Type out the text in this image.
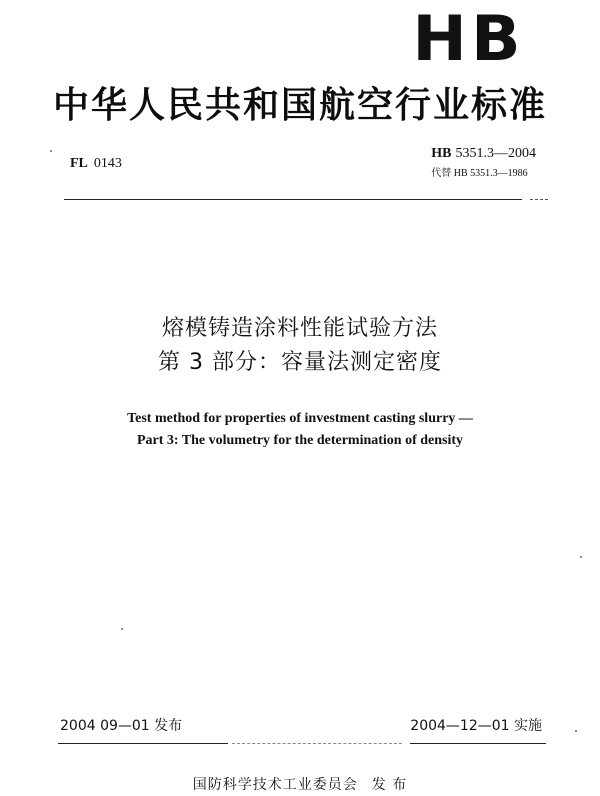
HB
中华人民共和国航空行业标准
FL 0143
HB 5351.3—2004
代替 HB 5351.3—1986
熔模铸造涂料性能试验方法
第 3 部分：容量法测定密度
Test method for properties of investment casting slurry —
Part 3: The volumetry for the determination of density
2004 09—01 发布	2004—12—01 实施
国防科学技术工业委员会 发 布
